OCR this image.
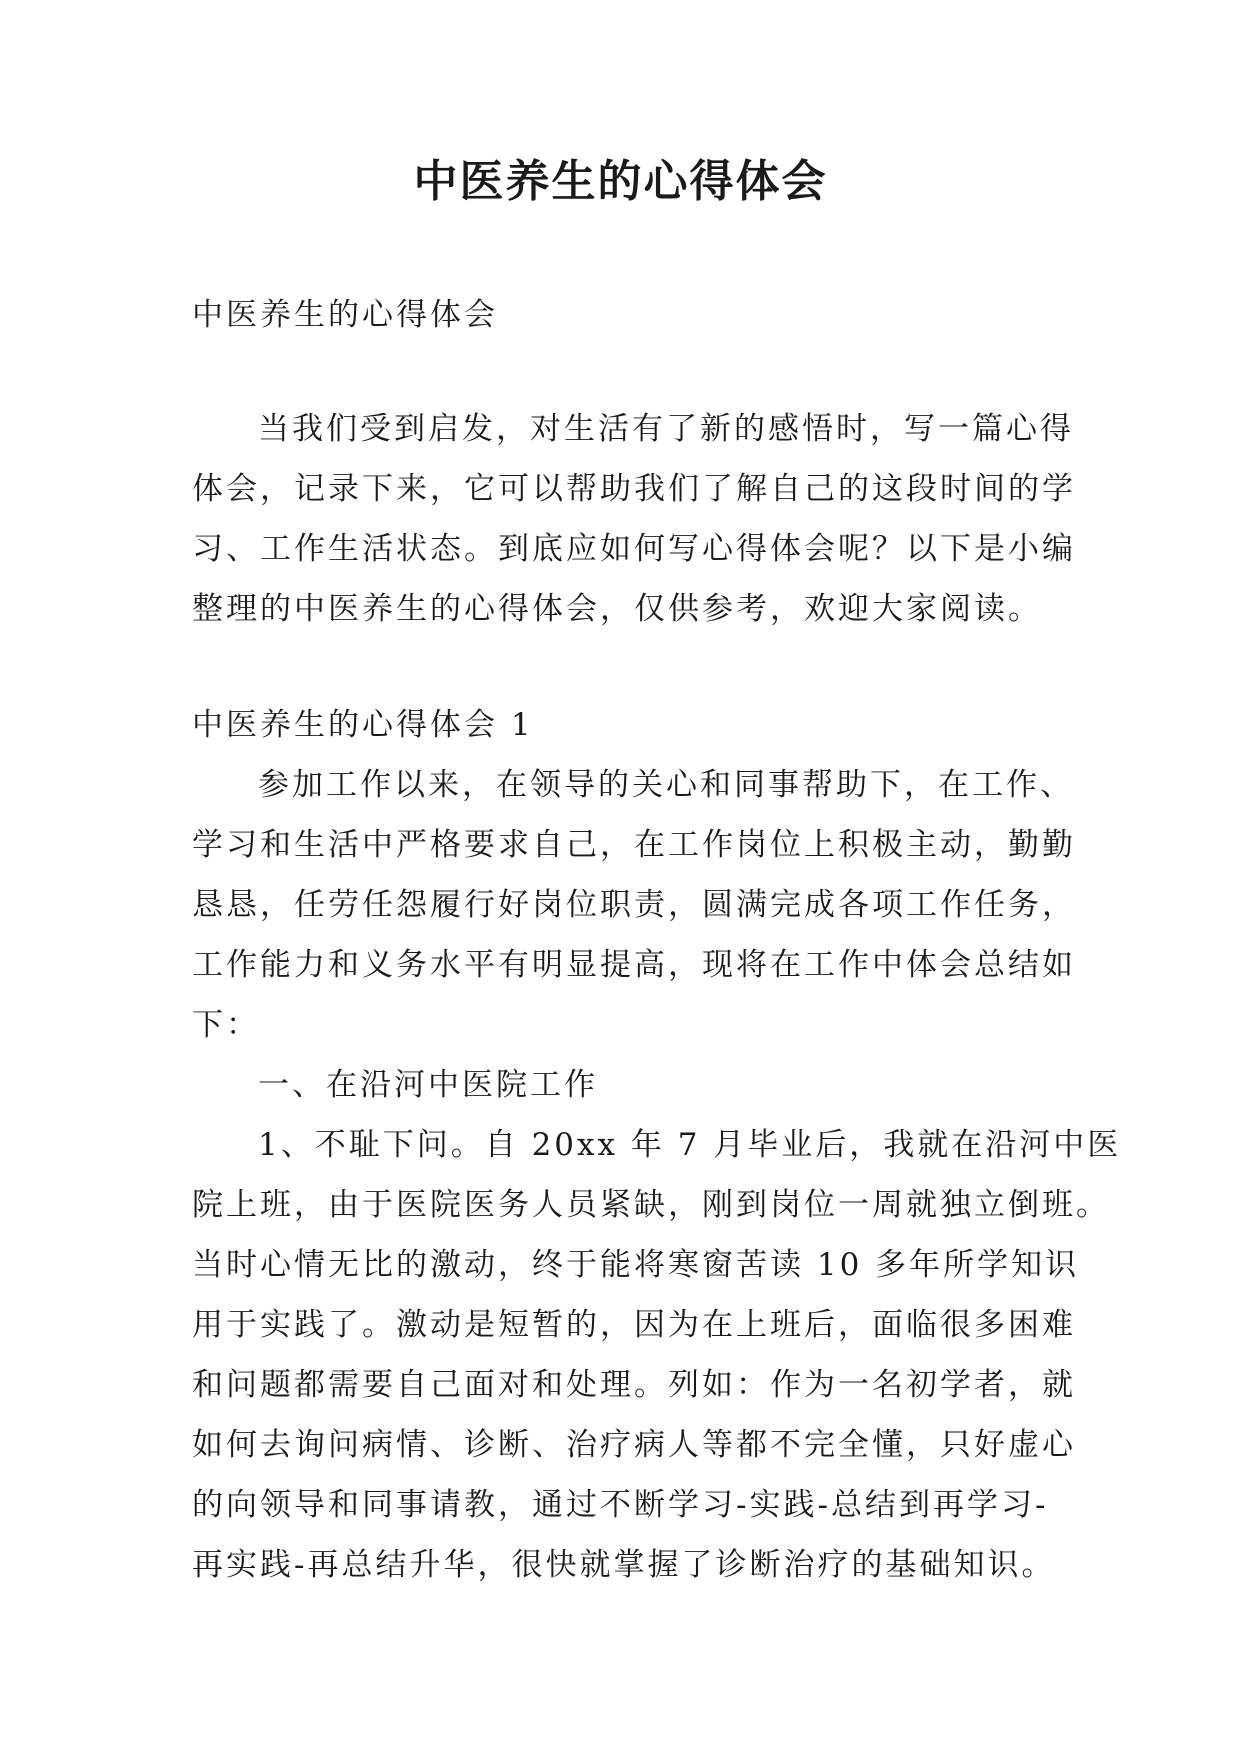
中医养生的心得体会
中医养生的心得体会
当我们受到启发，对生活有了新的感悟时，写一篇心得
体会，记录下来，它可以帮助我们了解自己的这段时间的学
习、工作生活状态。到底应如何写心得体会呢？以下是小编
整理的中医养生的心得体会，仅供参考，欢迎大家阅读。
中医养生的心得体会 1
参加工作以来，在领导的关心和同事帮助下，在工作、
学习和生活中严格要求自己，在工作岗位上积极主动，勤勤
恳恳，任劳任怨履行好岗位职责，圆满完成各项工作任务，
工作能力和义务水平有明显提高，现将在工作中体会总结如
下：
一、在沿河中医院工作
1、不耻下问。自 20xx 年 7 月毕业后，我就在沿河中医
院上班，由于医院医务人员紧缺，刚到岗位一周就独立倒班。
当时心情无比的激动，终于能将寒窗苦读 10 多年所学知识
用于实践了。激动是短暂的，因为在上班后，面临很多困难
和问题都需要自己面对和处理。列如：作为一名初学者，就
如何去询问病情、诊断、治疗病人等都不完全懂，只好虚心
的向领导和同事请教，通过不断学习-实践-总结到再学习-
再实践-再总结升华，很快就掌握了诊断治疗的基础知识。
